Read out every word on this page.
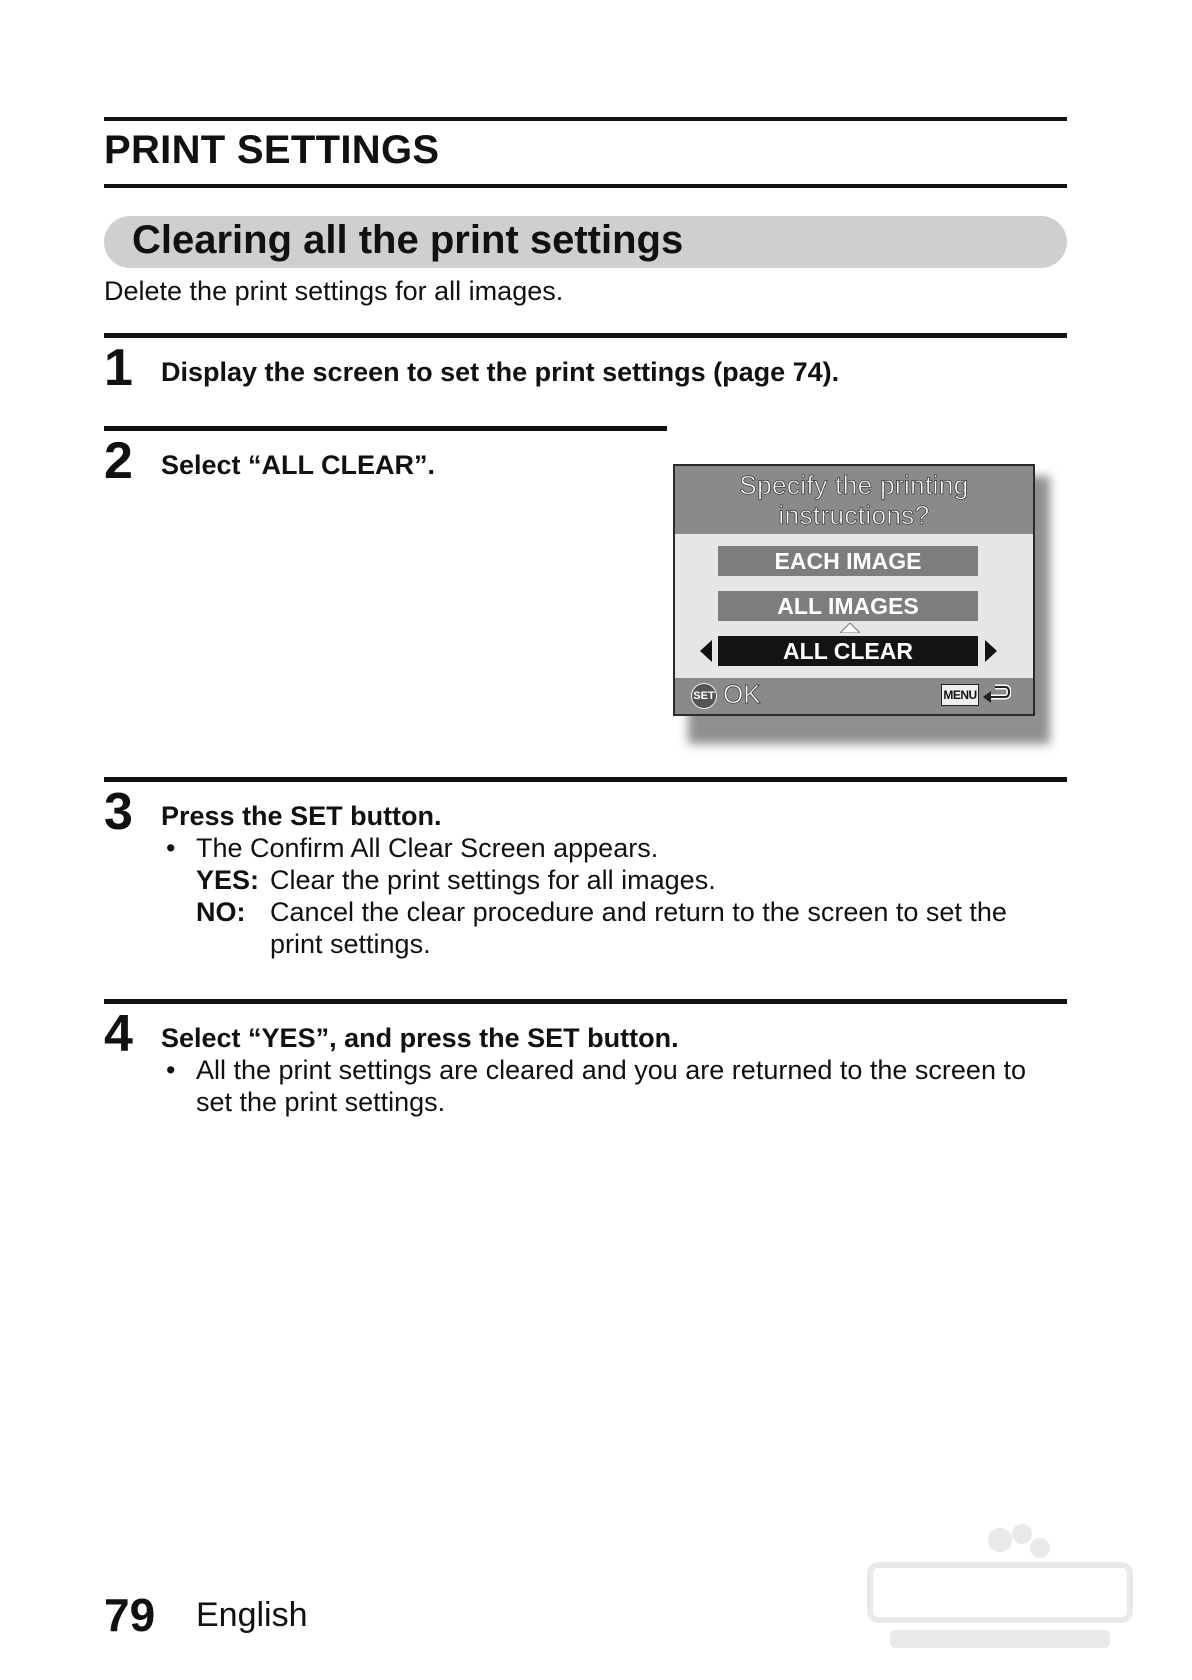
PRINT SETTINGS
Clearing all the print settings
Delete the print settings for all images.
1 Display the screen to set the print settings (page 74).
2 Select “ALL CLEAR”.
Specify the printing
instructions?
EACH IMAGE
ALL IMAGES
ALL CLEAR
SET OK	MENU
3 Press the SET button.
• The Confirm All Clear Screen appears.
YES: Clear the print settings for all images.
NO: Cancel the clear procedure and return to the screen to set the
print settings.
4 Select “YES”, and press the SET button.
• All the print settings are cleared and you are returned to the screen to
set the print settings.
79 English
